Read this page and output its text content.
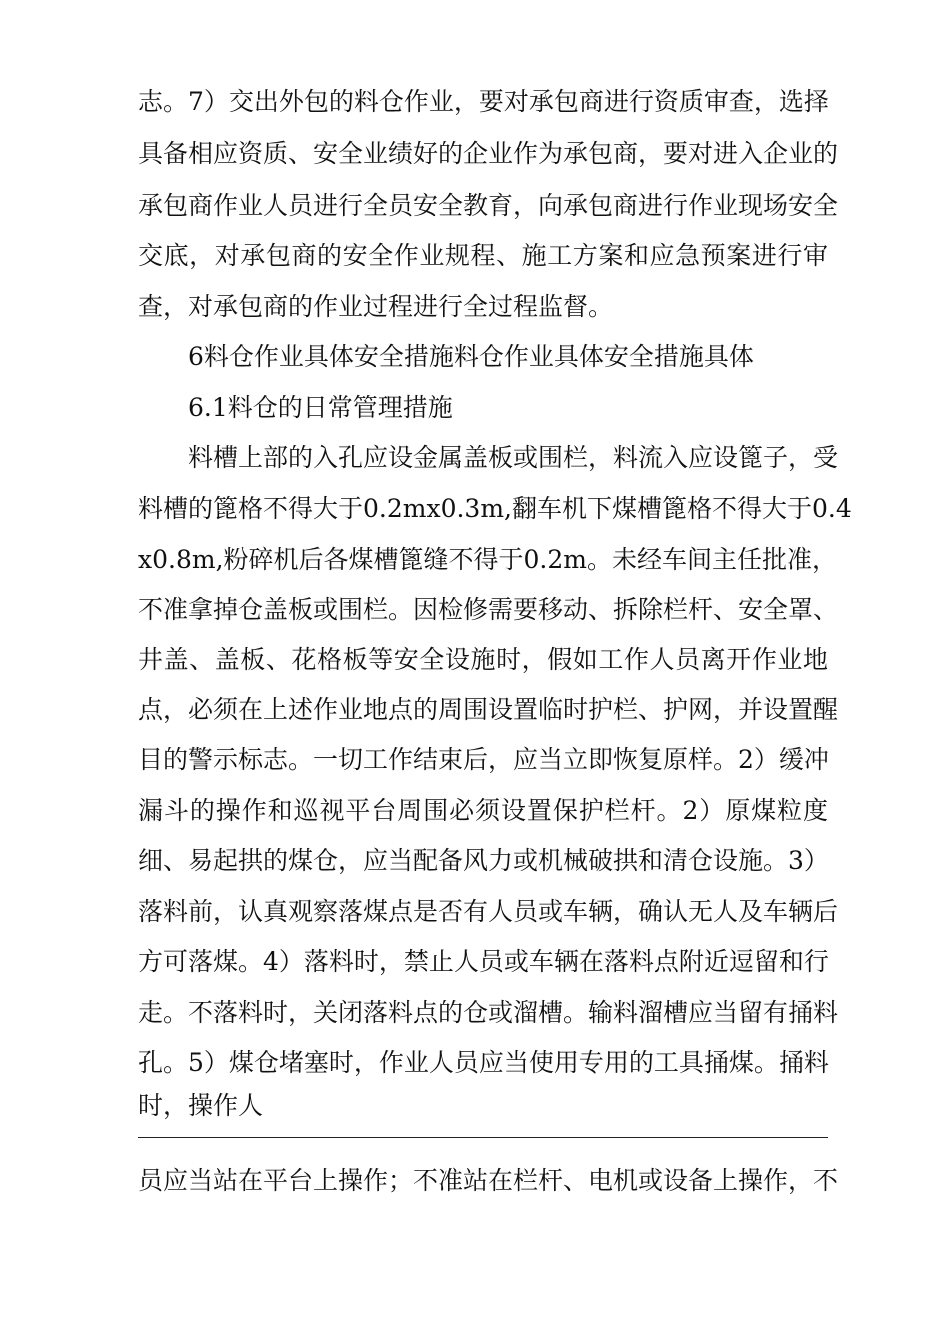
志。7）交出外包的料仓作业，要对承包商进行资质审查，选择
具备相应资质、安全业绩好的企业作为承包商，要对进入企业的
承包商作业人员进行全员安全教育，向承包商进行作业现场安全
交底，对承包商的安全作业规程、施工方案和应急预案进行审
查，对承包商的作业过程进行全过程监督。
6料仓作业具体安全措施料仓作业具体安全措施具体
6.1料仓的日常管理措施
料槽上部的入孔应设金属盖板或围栏，料流入应设篦子，受
料槽的篦格不得大于0.2mx0.3m,翻车机下煤槽篦格不得大于0.4
x0.8m,粉碎机后各煤槽篦缝不得于0.2m。未经车间主任批准，
不准拿掉仓盖板或围栏。因检修需要移动、拆除栏杆、安全罩、
井盖、盖板、花格板等安全设施时，假如工作人员离开作业地
点，必须在上述作业地点的周围设置临时护栏、护网，并设置醒
目的警示标志。一切工作结束后，应当立即恢复原样。2）缓冲
漏斗的操作和巡视平台周围必须设置保护栏杆。2）原煤粒度
细、易起拱的煤仓，应当配备风力或机械破拱和清仓设施。3）
落料前，认真观察落煤点是否有人员或车辆，确认无人及车辆后
方可落煤。4）落料时，禁止人员或车辆在落料点附近逗留和行
走。不落料时，关闭落料点的仓或溜槽。输料溜槽应当留有捅料
孔。5）煤仓堵塞时，作业人员应当使用专用的工具捅煤。捅料
时，操作人
员应当站在平台上操作；不准站在栏杆、电机或设备上操作，不
